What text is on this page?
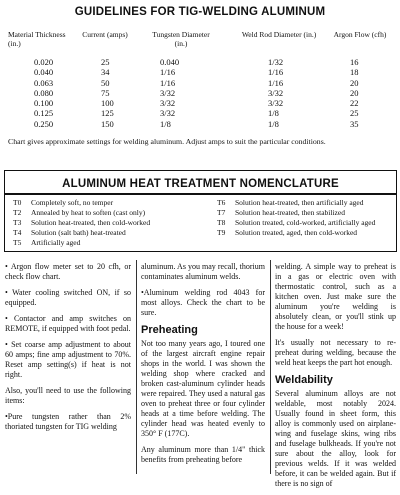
GUIDELINES FOR TIG-WELDING ALUMINUM
Material Thickness (in.)
Current (amps)	Tungsten Diameter (in.)
Weld Rod Diameter (in.)	Argon Flow (cfh)
0.020
0.040
0.063
0.080
0.100
0.125
0.250
25
34
50
75
100
125
150
0.040
1/16
1/16
3/32
3/32
3/32
1/8
1/32
1/16
1/16
3/32
3/32
1/8
1/8
16
18
20
20
22
25
35
Chart gives approximate settings for welding aluminum. Adjust amps to suit the particular conditions.
ALUMINUM HEAT TREATMENT NOMENCLATURE
T0 Completely soft, no temper
T2 Annealed by heat to soften (cast only)
T3 Solution heat-treated, then cold-worked
T4 Solution (salt bath) heat-treated
T5 Artificially aged
T6 Solution heat-treated, then artificially aged
T7 Solution heat-treated, then stabilized
T8 Solution treated, cold-worked, artificially aged
T9 Solution treated, aged, then cold-worked

• Argon flow meter set to 20 cfh, or check flow chart.

• Water cooling switched ON, if so equipped.

• Contactor and amp switches on REMOTE, if equipped with foot pedal.

• Set coarse amp adjustment to about 60 amps; fine amp adjustment to 70%. Reset amp setting(s) if heat is not right.

Also, you'll need to use the following items:

•Pure tungsten rather than 2% thoriated tungsten for TIG welding

aluminum. As you may recall, thorium contaminates aluminum welds.

•Aluminum welding rod 4043 for most alloys. Check the chart to be sure.

Preheating

Not too many years ago, I toured one of the largest aircraft engine repair shops in the world. I was shown the welding shop where cracked and broken cast-aluminum cylinder heads were repaired. They used a natural gas oven to preheat three or four cylinder heads at a time before welding. The cylinder head was heated evenly to 350° F (177C).

Any aluminum more than 1/4" thick benefits from preheating before

welding. A simple way to preheat is in a gas or electric oven with thermostatic control, such as a kitchen oven. Just make sure the aluminum you're welding is absolutely clean, or you'll stink up the house for a week!

It's usually not necessary to re-preheat during welding, because the weld heat keeps the part hot enough.

Weldability

Several aluminum alloys are not weldable, most notably 2024. Usually found in sheet form, this alloy is commonly used on airplane-wing and fuselage skins, wing ribs and fuselage bulkheads. If you're not sure about the alloy, look for previous welds. If it was welded before, it can be welded again. But if there is no sign of
